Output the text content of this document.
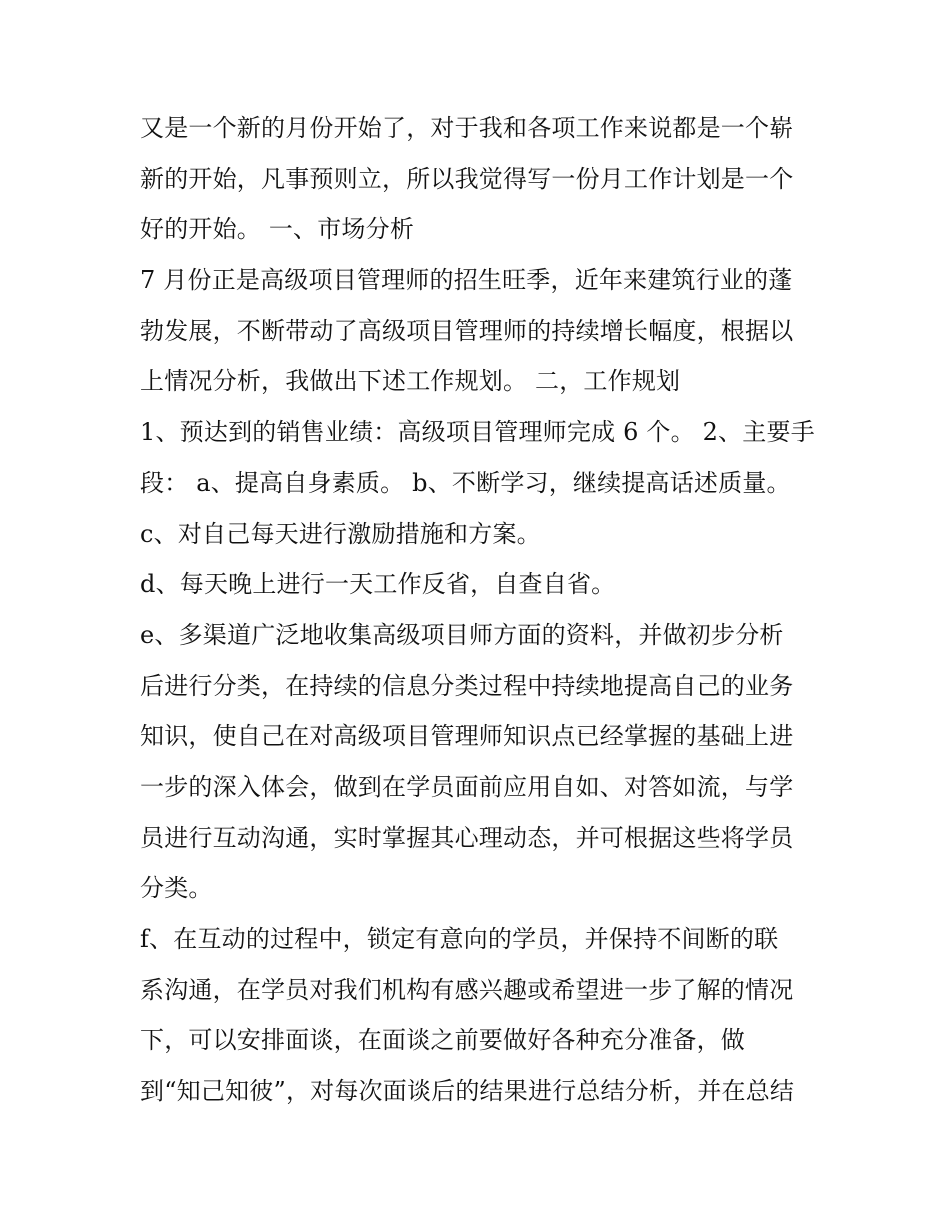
又是一个新的月份开始了，对于我和各项工作来说都是一个崭
新的开始，凡事预则立，所以我觉得写一份月工作计划是一个
好的开始。 一、市场分析
7 月份正是高级项目管理师的招生旺季，近年来建筑行业的蓬
勃发展，不断带动了高级项目管理师的持续增长幅度，根据以
上情况分析，我做出下述工作规划。 二，工作规划
1、预达到的销售业绩：高级项目管理师完成 6 个。 2、主要手
段： a、提高自身素质。 b、不断学习，继续提高话述质量。
c、对自己每天进行激励措施和方案。
d、每天晚上进行一天工作反省，自查自省。
e、多渠道广泛地收集高级项目师方面的资料，并做初步分析
后进行分类，在持续的信息分类过程中持续地提高自己的业务
知识，使自己在对高级项目管理师知识点已经掌握的基础上进
一步的深入体会，做到在学员面前应用自如、对答如流，与学
员进行互动沟通，实时掌握其心理动态，并可根据这些将学员
分类。
f、在互动的过程中，锁定有意向的学员，并保持不间断的联
系沟通，在学员对我们机构有感兴趣或希望进一步了解的情况
下，可以安排面谈，在面谈之前要做好各种充分准备，做
到“知己知彼”，对每次面谈后的结果进行总结分析，并在总结
